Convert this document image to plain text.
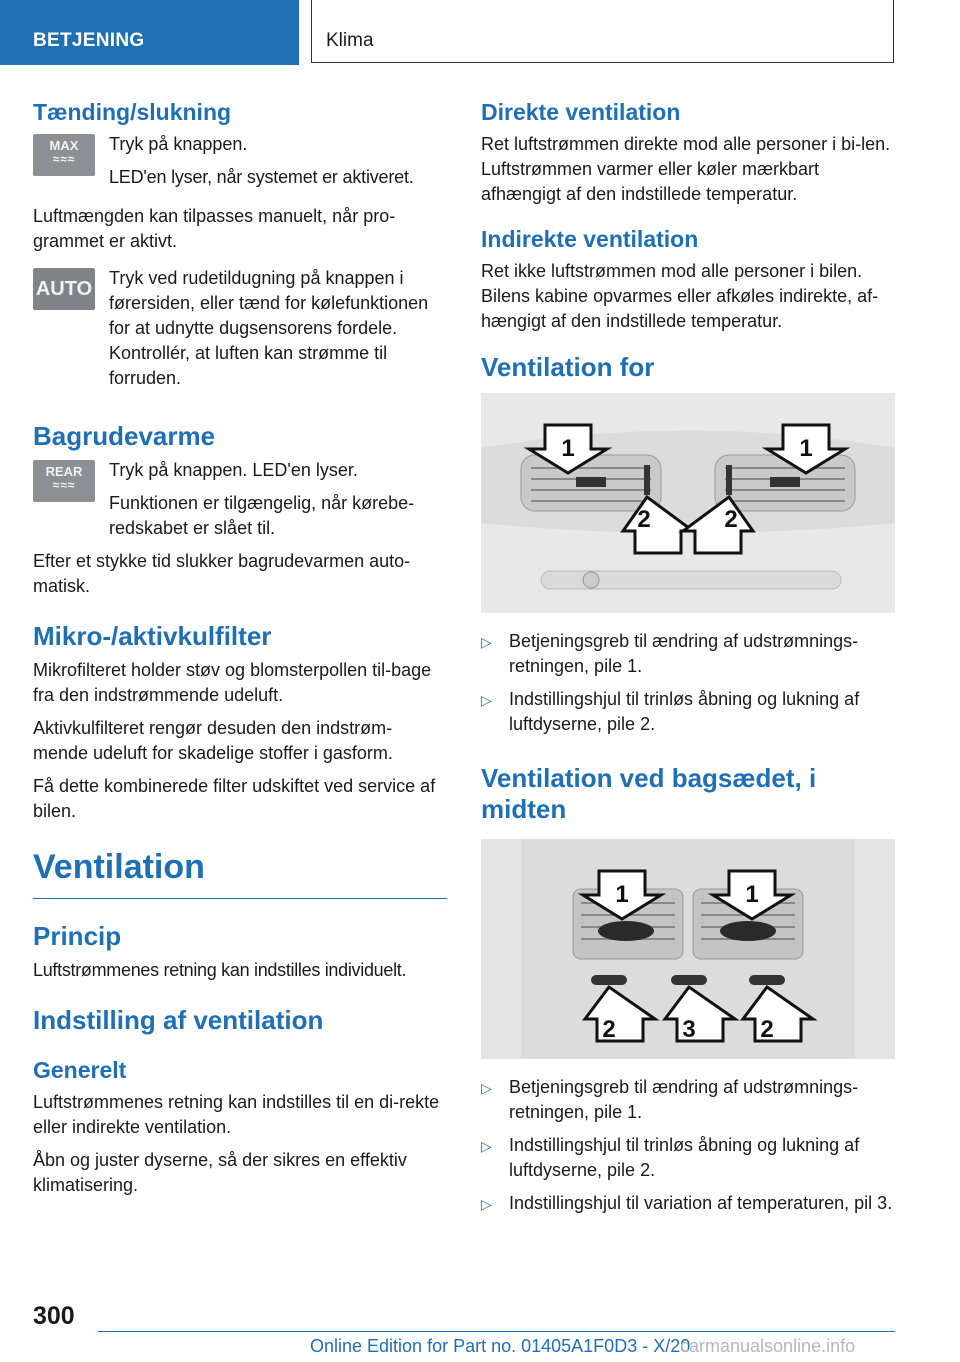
BETJENING	Klima
Tænding/slukning
MAX
≈≈≈

Tryk på knappen.

LED'en lyser, når systemet er aktiveret.

Luftmængden kan tilpasses manuelt, når pro-grammet er aktivt.

AUTO Tryk ved rudetildugning på knappen i førersiden, eller tænd for kølefunktionen for at udnytte dugsensorens fordele. Kontrollér, at luften kan strømme til forruden.

Bagrudevarme
REAR
≈≈≈

Tryk på knappen. LED'en lyser.

Funktionen er tilgængelig, når kørebe-redskabet er slået til.

Efter et stykke tid slukker bagrudevarmen auto-matisk.

Mikro-/aktivkulfilter

Mikrofilteret holder støv og blomsterpollen til-bage fra den indstrømmende udeluft.

Aktivkulfilteret rengør desuden den indstrøm-mende udeluft for skadelige stoffer i gasform.

Få dette kombinerede filter udskiftet ved service af bilen.

Ventilation
Princip

Luftstrømmenes retning kan indstilles individuelt.

Indstilling af ventilation
Generelt

Luftstrømmenes retning kan indstilles til en di-rekte eller indirekte ventilation.

Åbn og juster dyserne, så der sikres en effektiv klimatisering.

Direkte ventilation

Ret luftstrømmen direkte mod alle personer i bi-len. Luftstrømmen varmer eller køler mærkbart afhængigt af den indstillede temperatur.

Indirekte ventilation

Ret ikke luftstrømmen mod alle personer i bilen. Bilens kabine opvarmes eller afkøles indirekte, af-hængigt af den indstillede temperatur.

Ventilation for
1	1
2	2
▷ Betjeningsgreb til ændring af udstrømnings-retningen, pile 1.
▷ Indstillingshjul til trinløs åbning og lukning af luftdyserne, pile 2.
Ventilation ved bagsædet, i midten
1	1
2	3	2
▷ Betjeningsgreb til ændring af udstrømnings-retningen, pile 1.
▷ Indstillingshjul til trinløs åbning og lukning af luftdyserne, pile 2.
▷ Indstillingshjul til variation af temperaturen, pil 3.
300
Online Edition for Part no. 01405A1F0D3 - X/20
carmanualsonline.info
